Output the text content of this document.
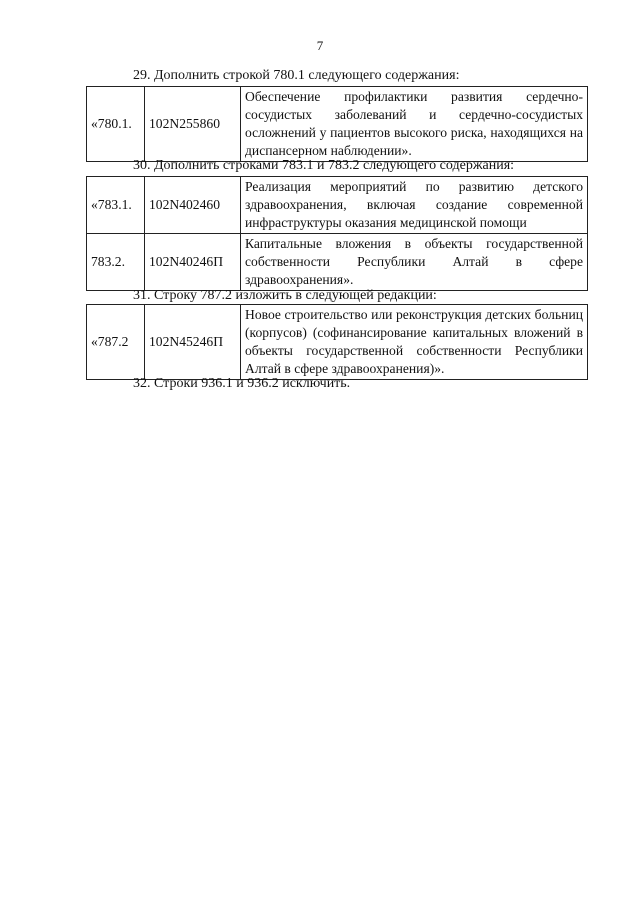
7
29. Дополнить строкой 780.1 следующего содержания:
«780.1.	102N255860	Обеспечение профилактики развития сердечно-сосудистых заболеваний и сердечно-сосудистых осложнений у пациентов высокого риска, находящихся на диспансерном наблюдении».
30. Дополнить строками 783.1 и 783.2 следующего содержания:
«783.1.	102N402460	Реализация мероприятий по развитию детского здравоохранения, включая создание современной инфраструктуры оказания медицинской помощи
783.2.	102N40246П	Капитальные вложения в объекты государственной собственности Республики Алтай в сфере здравоохранения».
31. Строку 787.2 изложить в следующей редакции:
«787.2	102N45246П	Новое строительство или реконструкция детских больниц (корпусов) (софинансирование капитальных вложений в объекты государственной собственности Республики Алтай в сфере здравоохранения)».
32. Строки 936.1 и 936.2 исключить.
